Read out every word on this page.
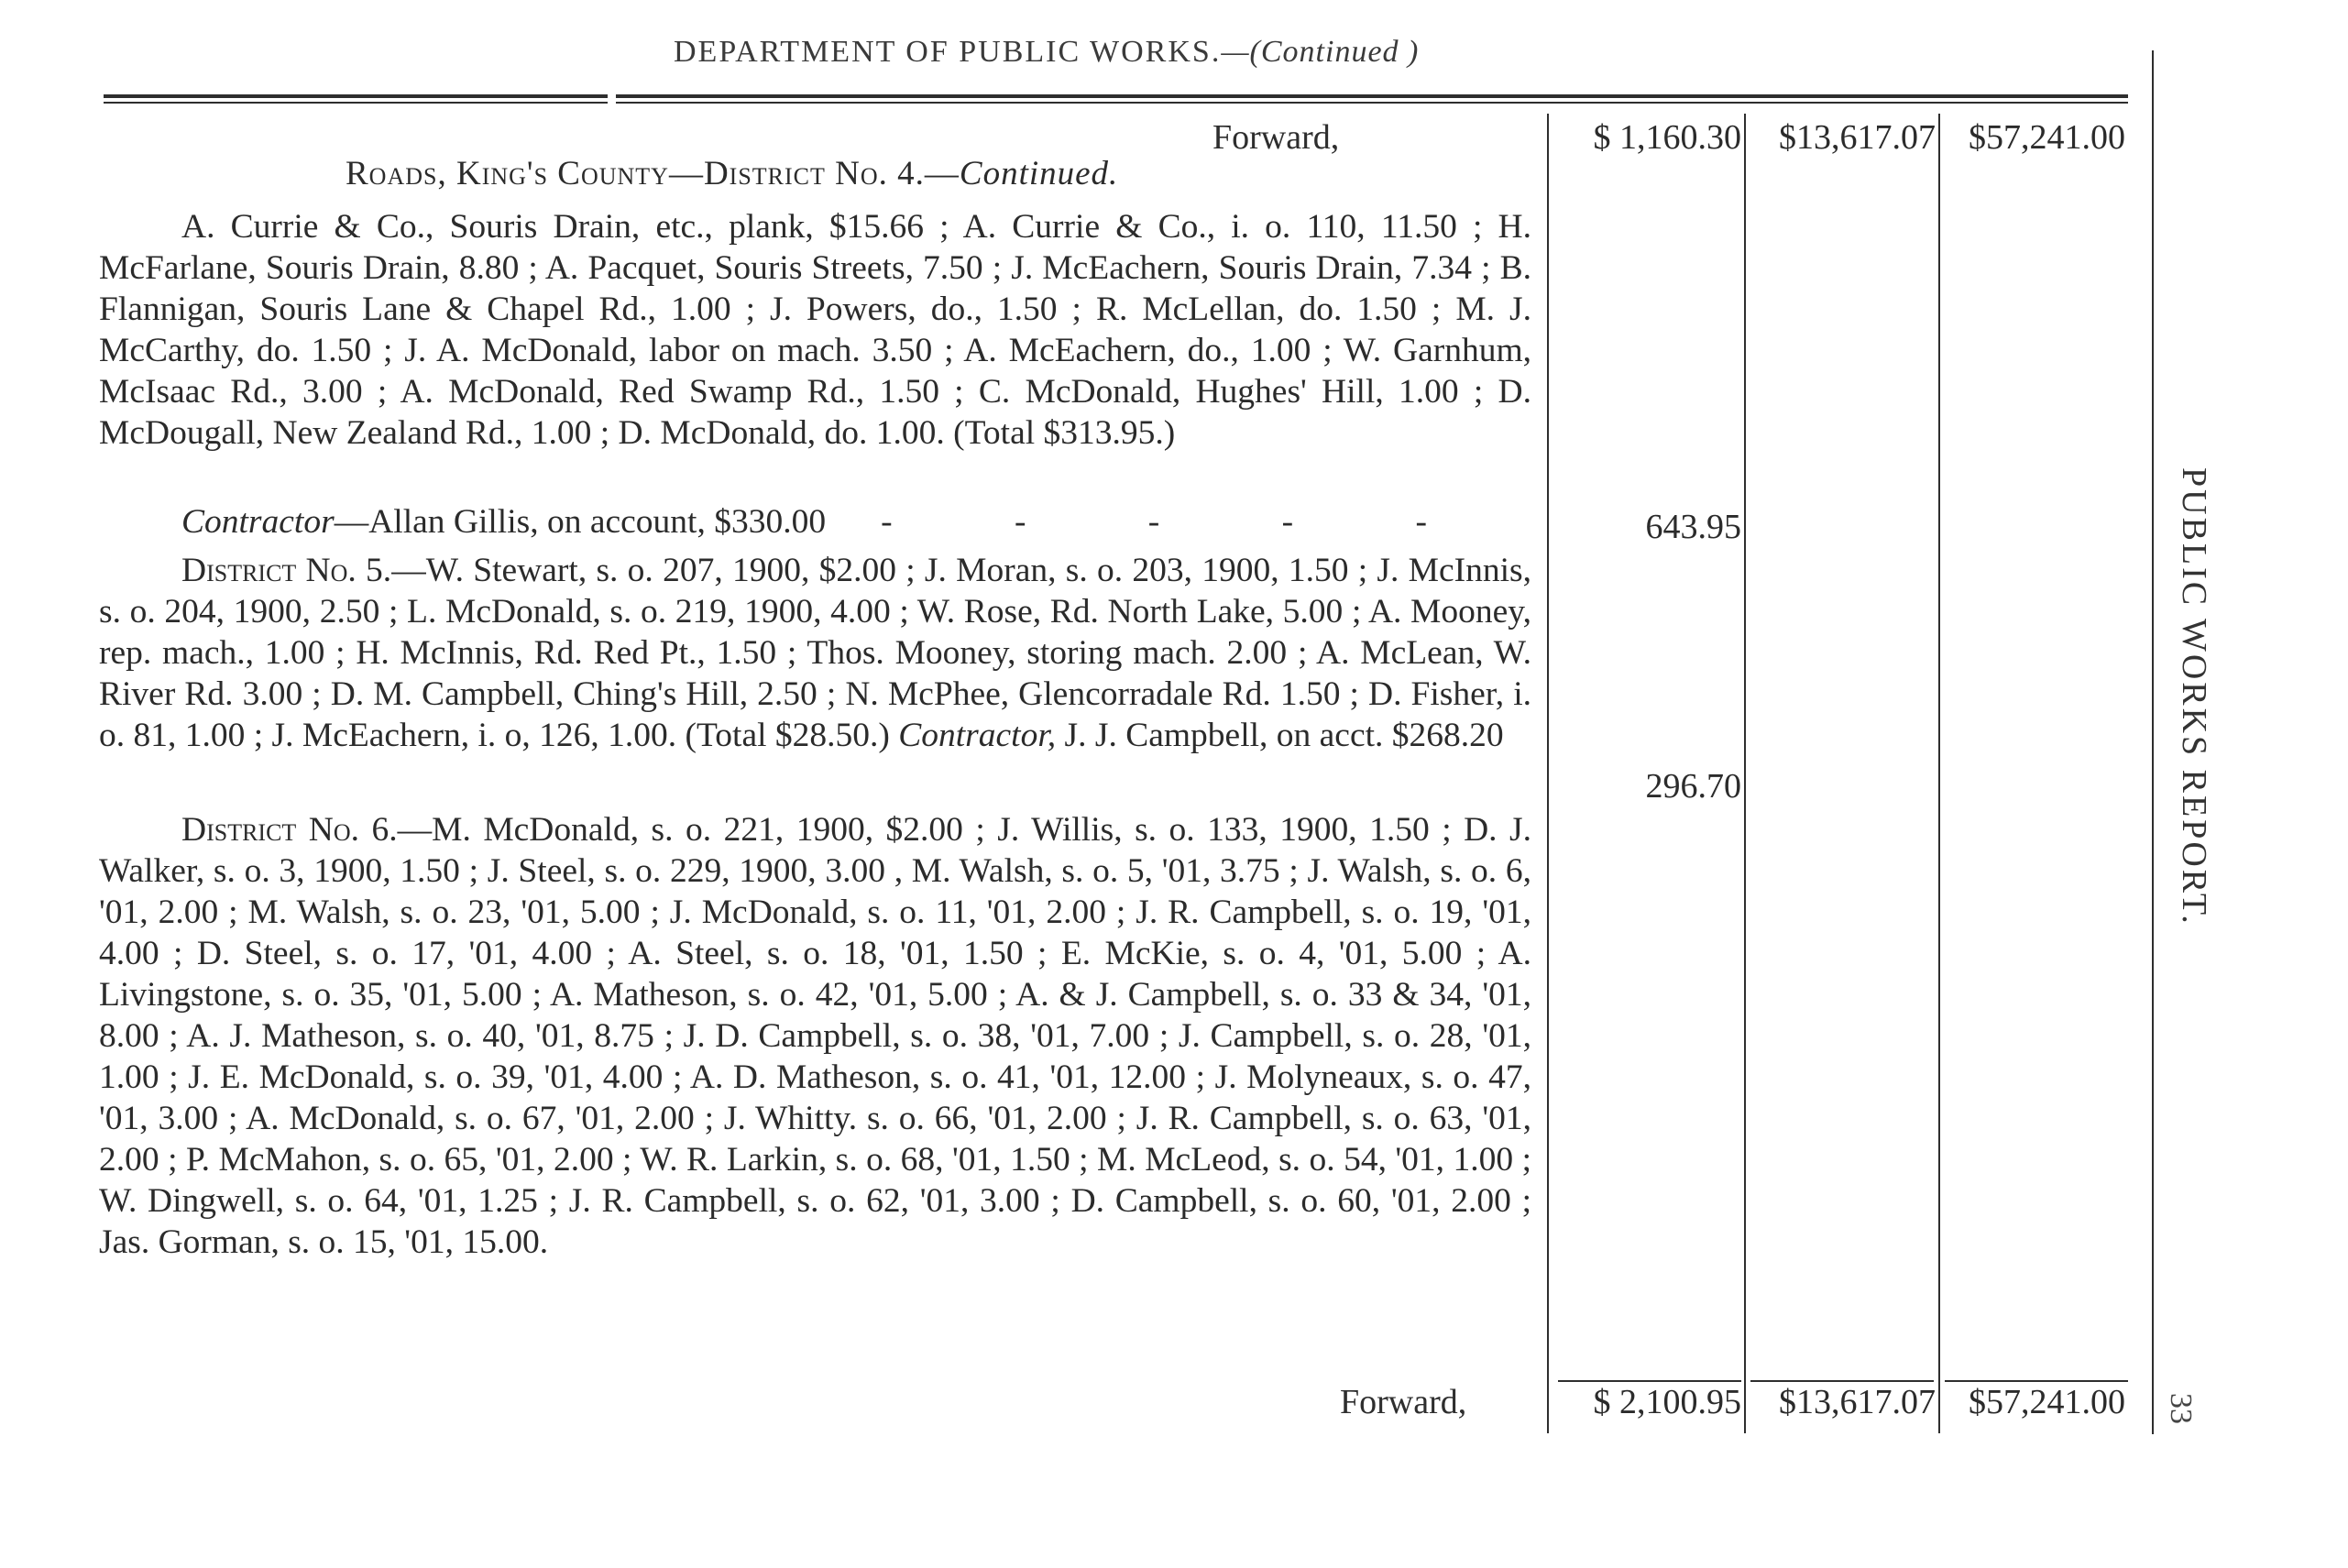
DEPARTMENT OF PUBLIC WORKS.—(Continued )
Forward,	$ 1,160.30	$13,617.07 $57,241.00
Roads, King's County—District No. 4.—Continued.

A. Currie & Co., Souris Drain, etc., plank, $15.66 ; A. Currie & Co., i. o. 110, 11.50 ; H. McFarlane, Souris Drain, 8.80 ; A. Pacquet, Souris Streets, 7.50 ; J. McEachern, Souris Drain, 7.34 ; B. Flannigan, Souris Lane & Chapel Rd., 1.00 ; J. Powers, do., 1.50 ; R. McLellan, do. 1.50 ; M. J. McCarthy, do. 1.50 ; J. A. McDonald, labor on mach. 3.50 ; A. McEachern, do., 1.00 ; W. Garnhum, McIsaac Rd., 3.00 ; A. McDonald, Red Swamp Rd., 1.50 ; C. McDonald, Hughes' Hill, 1.00 ; D. McDougall, New Zealand Rd., 1.00 ; D. McDonald, do. 1.00. (Total $313.95.)

Contractor—Allan Gillis, on account, $330.00 - - - - -	643.95

District No. 5.—W. Stewart, s. o. 207, 1900, $2.00 ; J. Moran, s. o. 203, 1900, 1.50 ; J. McInnis, s. o. 204, 1900, 2.50 ; L. McDonald, s. o. 219, 1900, 4.00 ; W. Rose, Rd. North Lake, 5.00 ; A. Mooney, rep. mach., 1.00 ; H. McInnis, Rd. Red Pt., 1.50 ; Thos. Mooney, storing mach. 2.00 ; A. McLean, W. River Rd. 3.00 ; D. M. Campbell, Ching's Hill, 2.50 ; N. McPhee, Glencorradale Rd. 1.50 ; D. Fisher, i. o. 81, 1.00 ; J. McEachern, i. o, 126, 1.00. (Total $28.50.) Contractor, J. J. Campbell, on acct. $268.20

296.70

District No. 6.—M. McDonald, s. o. 221, 1900, $2.00 ; J. Willis, s. o. 133, 1900, 1.50 ; D. J. Walker, s. o. 3, 1900, 1.50 ; J. Steel, s. o. 229, 1900, 3.00 , M. Walsh, s. o. 5, '01, 3.75 ; J. Walsh, s. o. 6, '01, 2.00 ; M. Walsh, s. o. 23, '01, 5.00 ; J. McDonald, s. o. 11, '01, 2.00 ; J. R. Campbell, s. o. 19, '01, 4.00 ; D. Steel, s. o. 17, '01, 4.00 ; A. Steel, s. o. 18, '01, 1.50 ; E. McKie, s. o. 4, '01, 5.00 ; A. Livingstone, s. o. 35, '01, 5.00 ; A. Matheson, s. o. 42, '01, 5.00 ; A. & J. Campbell, s. o. 33 & 34, '01, 8.00 ; A. J. Matheson, s. o. 40, '01, 8.75 ; J. D. Campbell, s. o. 38, '01, 7.00 ; J. Campbell, s. o. 28, '01, 1.00 ; J. E. McDonald, s. o. 39, '01, 4.00 ; A. D. Matheson, s. o. 41, '01, 12.00 ; J. Molyneaux, s. o. 47, '01, 3.00 ; A. McDonald, s. o. 67, '01, 2.00 ; J. Whitty. s. o. 66, '01, 2.00 ; J. R. Campbell, s. o. 63, '01, 2.00 ; P. McMahon, s. o. 65, '01, 2.00 ; W. R. Larkin, s. o. 68, '01, 1.50 ; M. McLeod, s. o. 54, '01, 1.00 ; W. Dingwell, s. o. 64, '01, 1.25 ; J. R. Campbell, s. o. 62, '01, 3.00 ; D. Campbell, s. o. 60, '01, 2.00 ; Jas. Gorman, s. o. 15, '01, 15.00.

Forward,	$ 2,100.95	$13,617.07 $57,241.00
PUBLIC WORKS REPORT.
33
